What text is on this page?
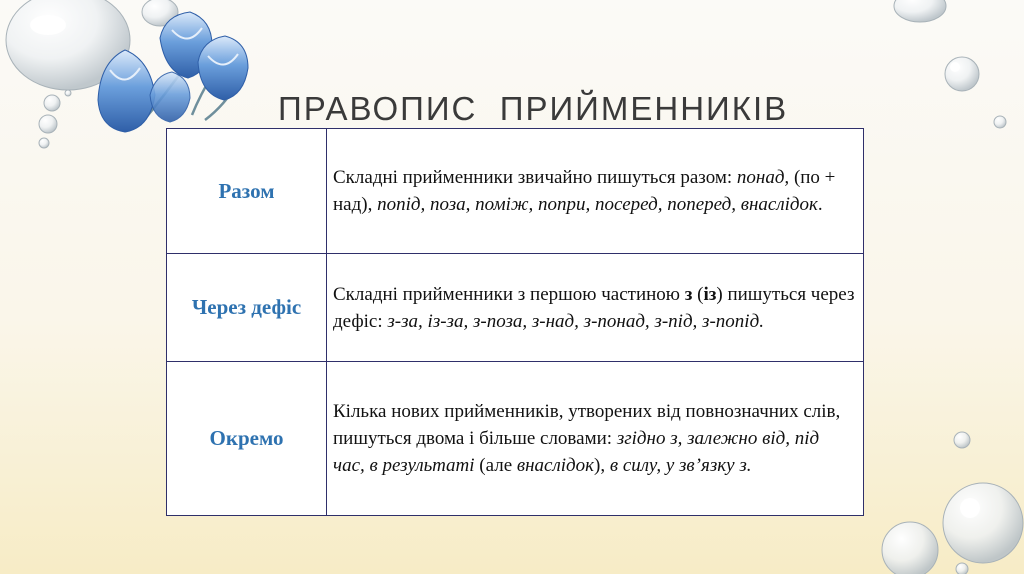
ПРАВОПИС  ПРИЙМЕННИКІВ
Разом	Складні прийменники звичайно пишуться разом: понад, (по + над), попід, поза, поміж, попри, посеред, поперед, внаслідок.
Через дефіс	Складні прийменники з першою частиною з (із) пишуться через дефіс: з-за, із-за, з-поза, з-над, з-понад, з-під, з-попід.
Окремо	Кілька нових прийменників, утворених від повнозначних слів, пишуться двома і більше словами: згідно з, залежно від, під час, в результаті (але внаслідок), в силу, у зв’язку з.
